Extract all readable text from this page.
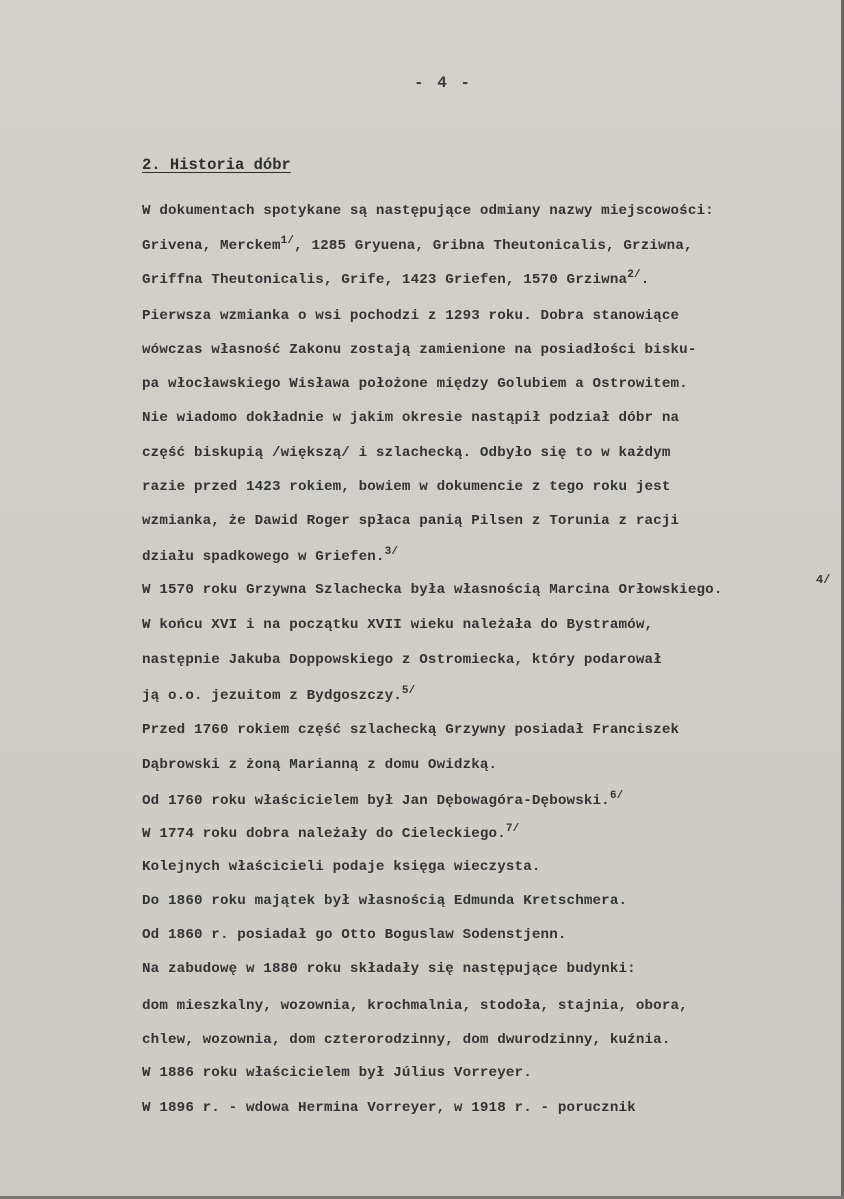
- 4 -
2. Historia dóbr
W dokumentach spotykane są następujące odmiany nazwy miejscowości:
Grivena, Merckem$^{1/}$, 1285 Gryuena, Gribna Theutonicalis, Grziwna,
Griffna Theutonicalis, Grife, 1423 Griefen, 1570 Grziwna$^{2/}$.
Pierwsza wzmianka o wsi pochodzi z 1293 roku. Dobra stanowiące
wówczas własność Zakonu zostają zamienione na posiadłości bisku-
pa włocławskiego Wisława położone między Golubiem a Ostrowitem.
Nie wiadomo dokładnie w jakim okresie nastąpił podział dóbr na
część biskupią /większą/ i szlachecką. Odbyło się to w każdym
razie przed 1423 rokiem, bowiem w dokumencie z tego roku jest
wzmianka, że Dawid Roger spłaca panią Pilsen z Torunia z racji
działu spadkowego w Griefen.$^{3/}$
W 1570 roku Grzywna Szlachecka była własnością Marcina Orłowskiego.
W końcu XVI i na początku XVII wieku należała do Bystramów,
następnie Jakuba Doppowskiego z Ostromiecka, który podarował
ją o.o. jezuitom z Bydgoszczy.$^{5/}$
Przed 1760 rokiem część szlachecką Grzywny posiadał Franciszek
Dąbrowski z żoną Marianną z domu Owidzką.
Od 1760 roku właścicielem był Jan Dębowagóra-Dębowski.$^{6/}$
W 1774 roku dobra należały do Cieleckiego.$^{7/}$
Kolejnych właścicieli podaje księga wieczysta.
Do 1860 roku majątek był własnością Edmunda Kretschmera.
Od 1860 r. posiadał go Otto Boguslaw Sodenstjenn.
Na zabudowę w 1880 roku składały się następujące budynki:
dom mieszkalny, wozownia, krochmalnia, stodoła, stajnia, obora,
chlew, wozownia, dom czterorodzinny, dom dwurodzinny, kuźnia.
W 1886 roku właścicielem był Július Vorreyer.
W 1896 r. - wdowa Hermina Vorreyer, w 1918 r. - porucznik
4/
